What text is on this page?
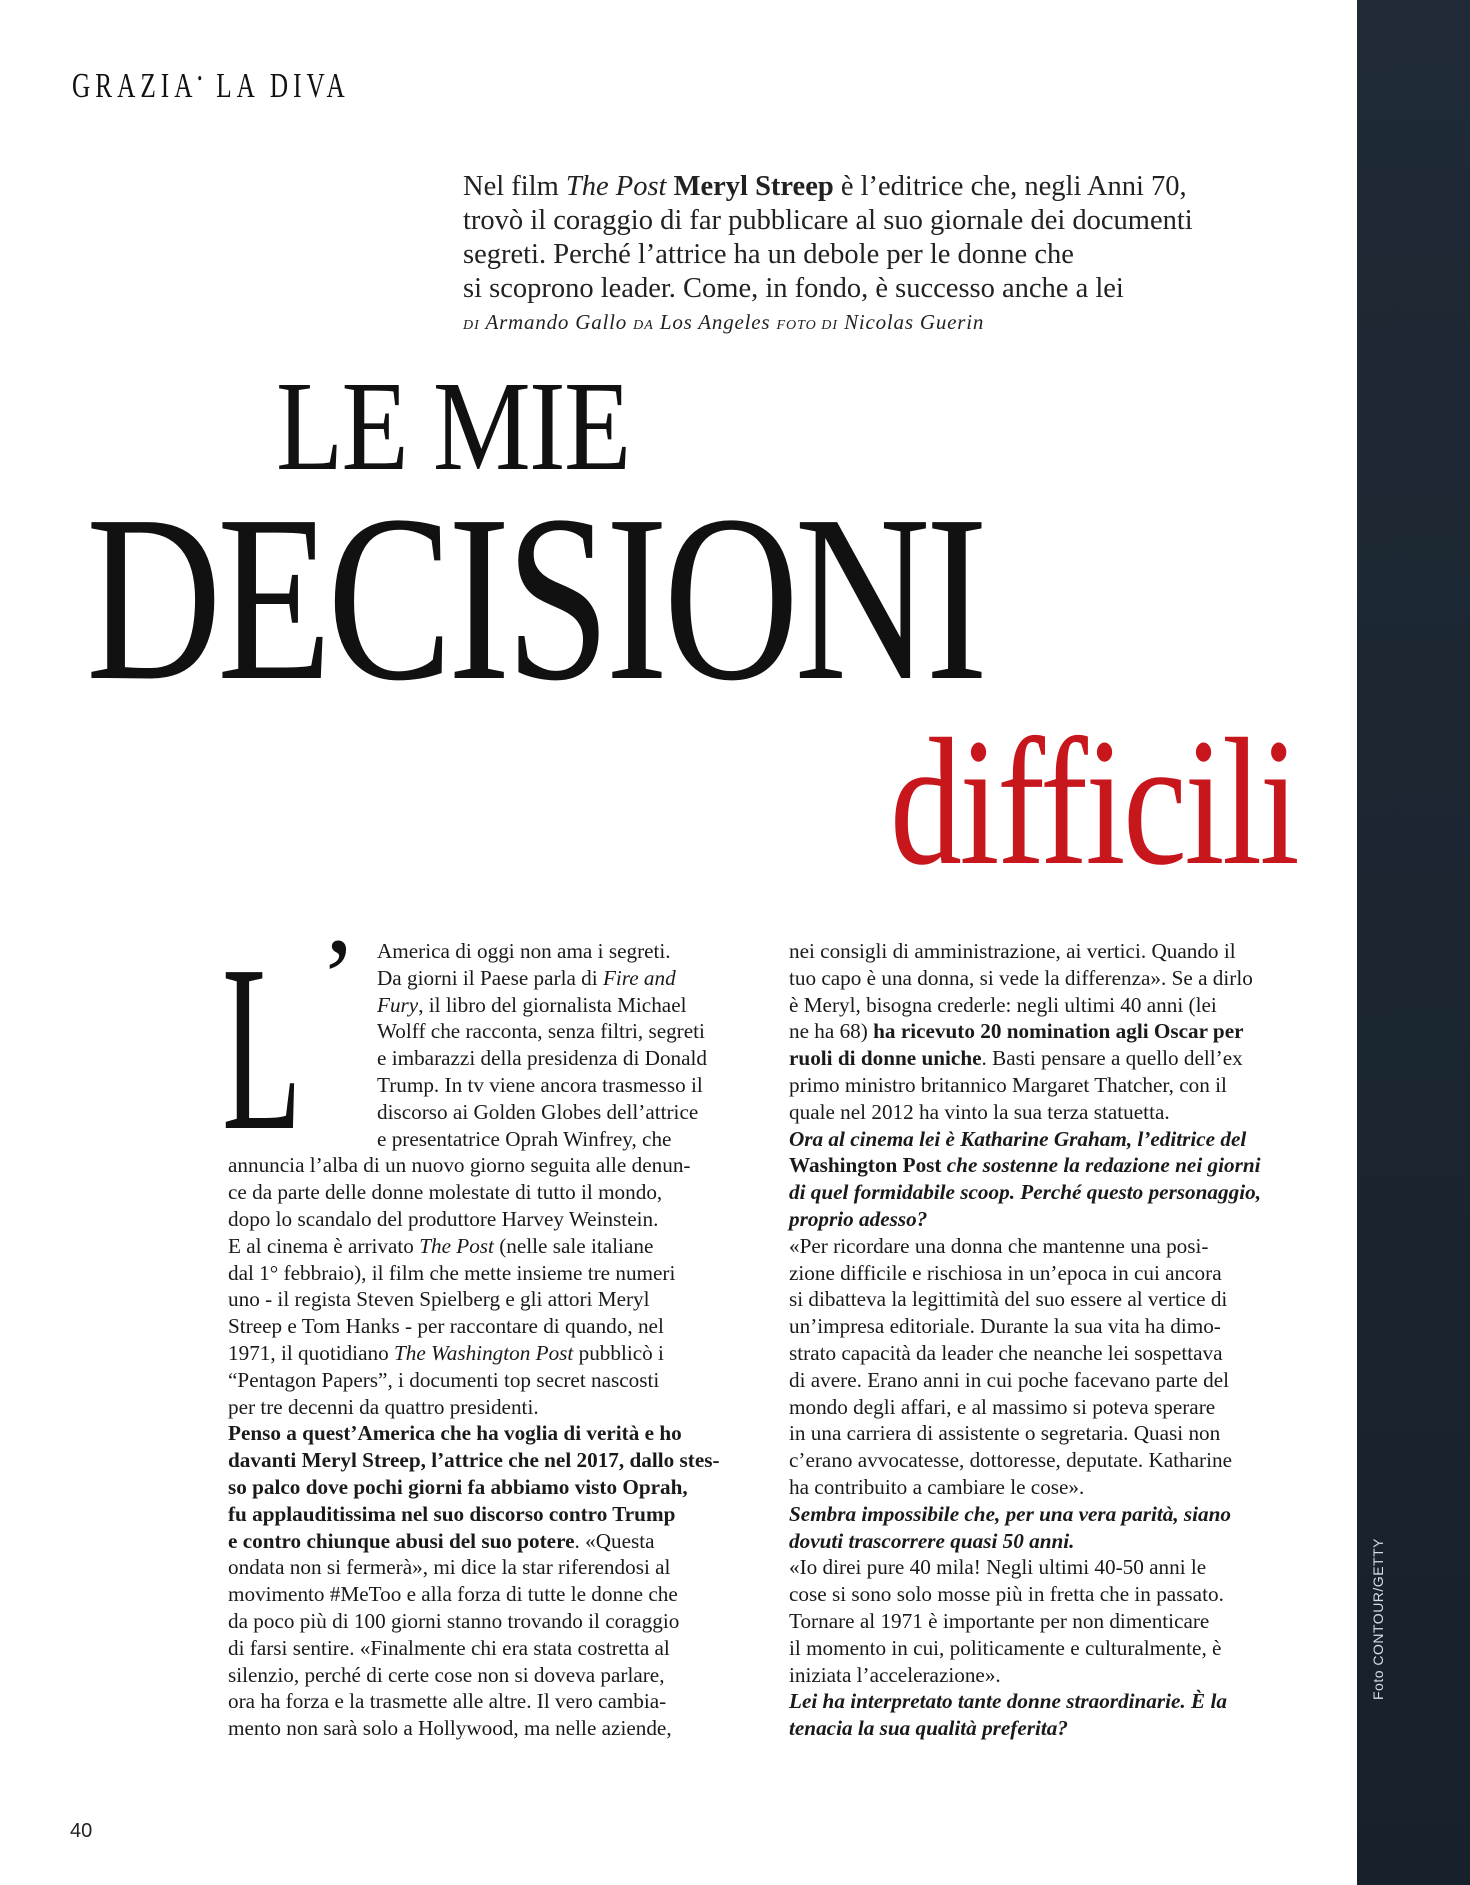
Foto CONTOUR/GETTY
GRAZIA• LA DIVA

Nel film The Post Meryl Streep è l’editrice che, negli Anni 70,

trovò il coraggio di far pubblicare al suo giornale dei documenti

segreti. Perché l’attrice ha un debole per le donne che

si scoprono leader. Come, in fondo, è successo anche a lei

DI Armando Gallo DA Los Angeles FOTO DI Nicolas Guerin
LE MIE
DECISIONI
difficili
L ’ America di oggi non ama i segreti.

Da giorni il Paese parla di Fire and

Fury, il libro del giornalista Michael

Wolff che racconta, senza filtri, segreti

e imbarazzi della presidenza di Donald

Trump. In tv viene ancora trasmesso il

discorso ai Golden Globes dell’attrice

e presentatrice Oprah Winfrey, che

annuncia l’alba di un nuovo giorno seguita alle denun-

ce da parte delle donne molestate di tutto il mondo,

dopo lo scandalo del produttore Harvey Weinstein.

E al cinema è arrivato The Post (nelle sale italiane

dal 1° febbraio), il film che mette insieme tre numeri

uno - il regista Steven Spielberg e gli attori Meryl

Streep e Tom Hanks - per raccontare di quando, nel

1971, il quotidiano The Washington Post pubblicò i

“Pentagon Papers”, i documenti top secret nascosti

per tre decenni da quattro presidenti.

Penso a quest’America che ha voglia di verità e ho

davanti Meryl Streep, l’attrice che nel 2017, dallo stes-

so palco dove pochi giorni fa abbiamo visto Oprah,

fu applauditissima nel suo discorso contro Trump

e contro chiunque abusi del suo potere. «Questa

ondata non si fermerà», mi dice la star riferendosi al

movimento #MeToo e alla forza di tutte le donne che

da poco più di 100 giorni stanno trovando il coraggio

di farsi sentire. «Finalmente chi era stata costretta al

silenzio, perché di certe cose non si doveva parlare,

ora ha forza e la trasmette alle altre. Il vero cambia-

mento non sarà solo a Hollywood, ma nelle aziende,

nei consigli di amministrazione, ai vertici. Quando il

tuo capo è una donna, si vede la differenza». Se a dirlo

è Meryl, bisogna crederle: negli ultimi 40 anni (lei

ne ha 68) ha ricevuto 20 nomination agli Oscar per

ruoli di donne uniche. Basti pensare a quello dell’ex

primo ministro britannico Margaret Thatcher, con il

quale nel 2012 ha vinto la sua terza statuetta.

Ora al cinema lei è Katharine Graham, l’editrice del

Washington Post che sostenne la redazione nei giorni

di quel formidabile scoop. Perché questo personaggio,

proprio adesso?

«Per ricordare una donna che mantenne una posi-

zione difficile e rischiosa in un’epoca in cui ancora

si dibatteva la legittimità del suo essere al vertice di

un’impresa editoriale. Durante la sua vita ha dimo-

strato capacità da leader che neanche lei sospettava

di avere. Erano anni in cui poche facevano parte del

mondo degli affari, e al massimo si poteva sperare

in una carriera di assistente o segretaria. Quasi non

c’erano avvocatesse, dottoresse, deputate. Katharine

ha contribuito a cambiare le cose».

Sembra impossibile che, per una vera parità, siano

dovuti trascorrere quasi 50 anni.

«Io direi pure 40 mila! Negli ultimi 40-50 anni le

cose si sono solo mosse più in fretta che in passato.

Tornare al 1971 è importante per non dimenticare

il momento in cui, politicamente e culturalmente, è

iniziata l’accelerazione».

Lei ha interpretato tante donne straordinarie. È la

tenacia la sua qualità preferita?

40
